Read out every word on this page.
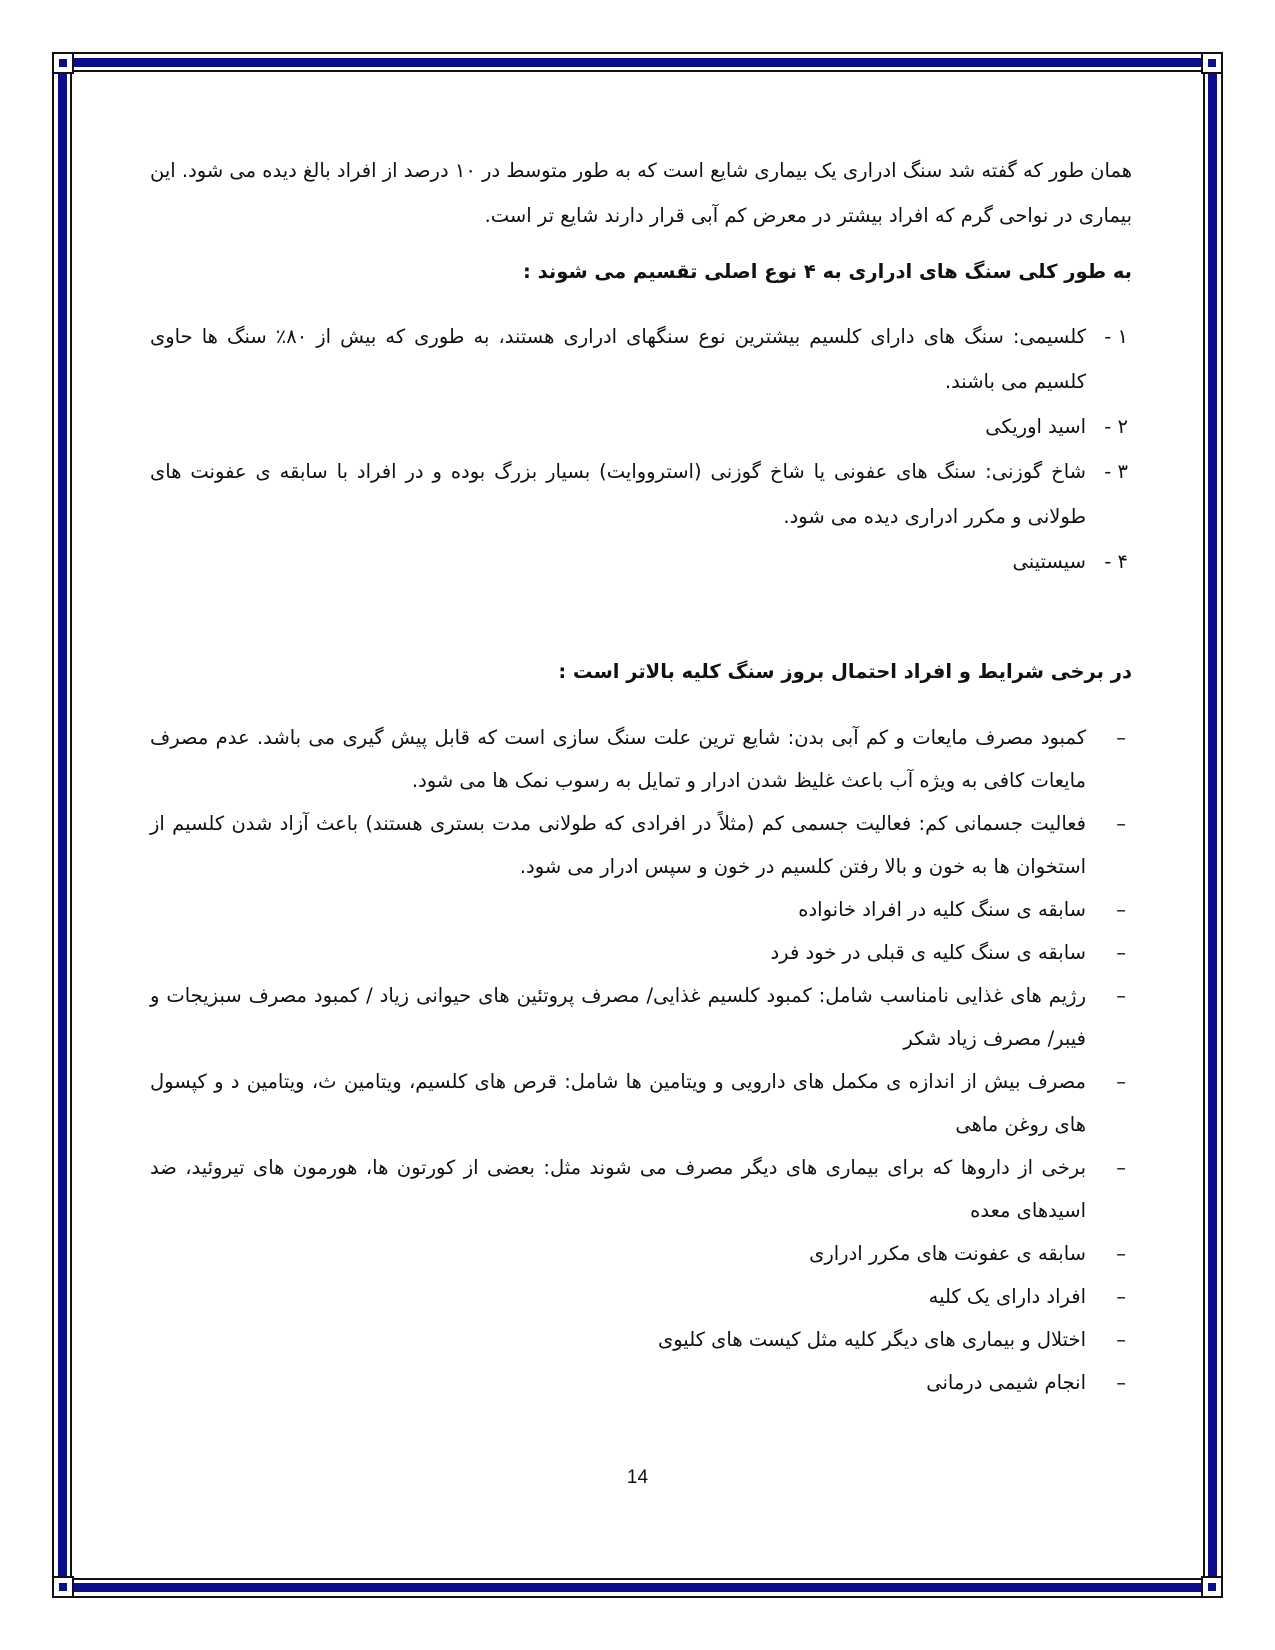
همان طور که گفته شد سنگ ادراری یک بیماری شایع است که به طور متوسط در ۱۰ درصد از افراد بالغ دیده می شود. این بیماری در نواحی گرم که افراد بیشتر در معرض کم آبی قرار دارند شایع تر است.

به طور کلی سنگ های ادراری به ۴ نوع اصلی تقسیم می شوند :
۱ -
کلسیمی: سنگ های دارای کلسیم بیشترین نوع سنگهای ادراری هستند، به طوری که بیش از ۸۰٪ سنگ ها حاوی کلسیم می باشند.
۲ -
اسید اوریکی
۳ -
شاخ گوزنی: سنگ های عفونی یا شاخ گوزنی (استرووایت) بسیار بزرگ بوده و در افراد با سابقه ی عفونت های طولانی و مکرر ادراری دیده می شود.
۴ -
سیستینی
در برخی شرایط و افراد احتمال بروز سنگ کلیه بالاتر است :
– کمبود مصرف مایعات و کم آبی بدن: شایع ترین علت سنگ سازی است که قابل پیش گیری می باشد. عدم مصرف مایعات کافی به ویژه آب باعث غلیظ شدن ادرار و تمایل به رسوب نمک ها می شود.
– فعالیت جسمانی کم: فعالیت جسمی کم (مثلاً در افرادی که طولانی مدت بستری هستند) باعث آزاد شدن کلسیم از استخوان ها به خون و بالا رفتن کلسیم در خون و سپس ادرار می شود.
– سابقه ی سنگ کلیه در افراد خانواده
– سابقه ی سنگ کلیه ی قبلی در خود فرد
– رژیم های غذایی نامناسب شامل: کمبود کلسیم غذایی/ مصرف پروتئین های حیوانی زیاد / کمبود مصرف سبزیجات و فیبر/ مصرف زیاد شکر
– مصرف بیش از اندازه ی مکمل های دارویی و ویتامین ها شامل: قرص های کلسیم، ویتامین ث، ویتامین د و کپسول های روغن ماهی
– برخی از داروها که برای بیماری های دیگر مصرف می شوند مثل: بعضی از کورتون ها، هورمون های تیروئید، ضد اسیدهای معده
– سابقه ی عفونت های مکرر ادراری
– افراد دارای یک کلیه
– اختلال و بیماری های دیگر کلیه مثل کیست های کلیوی
– انجام شیمی درمانی
14
